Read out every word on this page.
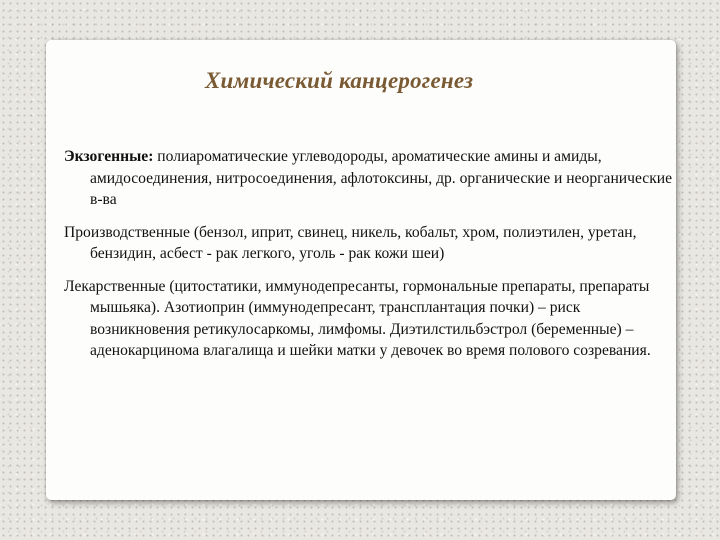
Химический канцерогенез

Экзогенные: полиароматические углеводороды, ароматические амины и амиды, амидосоединения, нитросоединения, афлотоксины, др. органические и неорганические в-ва

Производственные (бензол, иприт, свинец, никель, кобальт, хром, полиэтилен, уретан, бензидин, асбест - рак легкого, уголь - рак кожи шеи)

Лекарственные (цитостатики, иммунодепресанты, гормональные препараты, препараты мышьяка). Азотиоприн (иммунодепресант, трансплантация почки) – риск возникновения ретикулосаркомы, лимфомы. Диэтилстильбэстрол (беременные) – аденокарцинома влагалища и шейки матки у девочек во время полового созревания.
